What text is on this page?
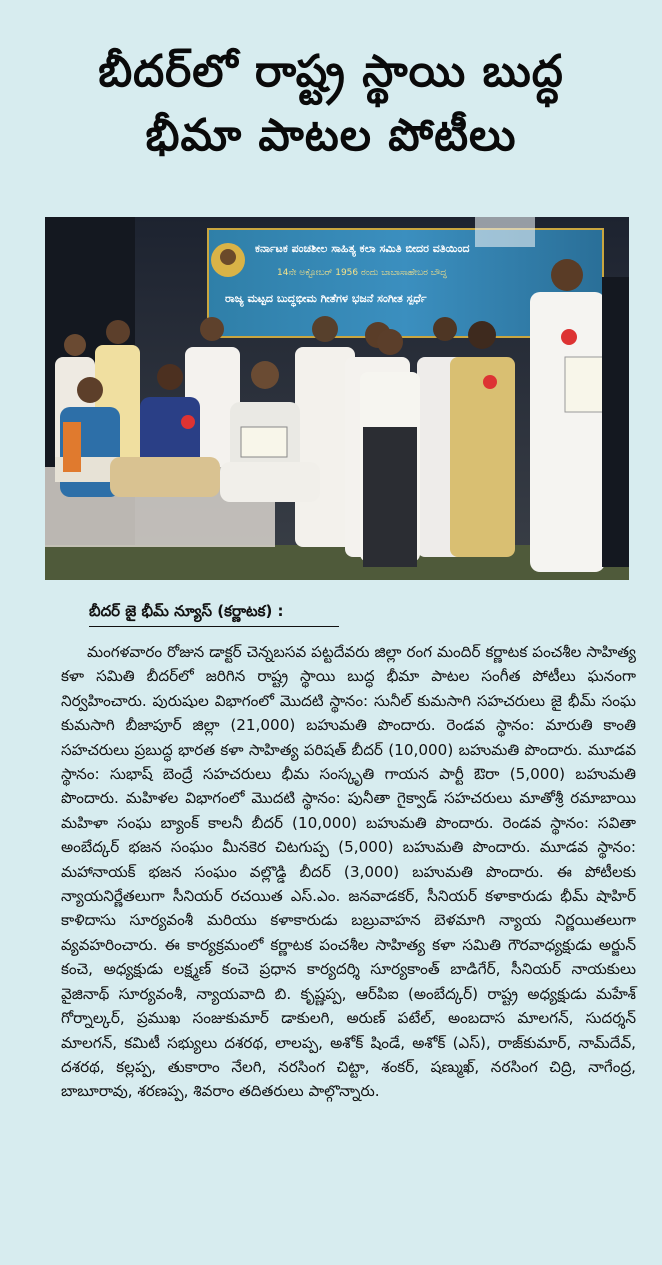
బీదర్‌లో రాష్ట్ర స్థాయి బుద్ధ
భీమా పాటల పోటీలు
ಕರ್ನಾಟಕ ಪಂಚಶೀಲ ಸಾಹಿತ್ಯ ಕಲಾ ಸಮಿತಿ ಬೀದರ ವತಿಯಿಂದ
14ನೇ ಅಕ್ಟೋಬರ್ 1956 ರಂದು ಬಾಬಾಸಾಹೇಬರ ಬೌದ್ಧ
ರಾಜ್ಯ ಮಟ್ಟದ ಬುದ್ಧಭೀಮ ಗೀತೆಗಳ ಭಜನೆ ಸಂಗೀತ ಸ್ಪರ್ಧೆ
బీదర్ జై భీమ్ న్యూస్ (కర్ణాటక) :

మంగళవారం రోజున డాక్టర్ చెన్నబసవ పట్టదేవరు జిల్లా రంగ మందిర్ కర్ణాటక పంచశీల సాహిత్య కళా సమితి బీదర్‌లో జరిగిన రాష్ట్ర స్థాయి బుద్ధ భీమా పాటల సంగీత పోటీలు ఘనంగా నిర్వహించారు. పురుషుల విభాగంలో మొదటి స్థానం: సునీల్ కుమసాగి సహచరులు జై భీమ్ సంఘ కుమసాగి బీజాపూర్ జిల్లా (21,000) బహుమతి పొందారు. రెండవ స్థానం: మారుతి కాంతి సహచరులు ప్రబుద్ధ భారత కళా సాహిత్య పరిషత్ బీదర్ (10,000) బహుమతి పొందారు. మూడవ స్థానం: సుభాష్ బెంద్రే సహచరులు భీమ సంస్కృతి గాయన పార్టీ ఔరా (5,000) బహుమతి పొందారు. మహిళల విభాగంలో మొదటి స్థానం: పునీతా గైక్వాడ్ సహచరులు మాతోశ్రీ రమాబాయి మహిళా సంఘ బ్యాంక్ కాలనీ బీదర్ (10,000) బహుమతి పొందారు. రెండవ స్థానం: సవితా అంబేద్కర్ భజన సంఘం మీనకెర చిటగుప్ప (5,000) బహుమతి పొందారు. మూడవ స్థానం: మహానాయక్ భజన సంఘం వల్లొడ్డి బీదర్ (3,000) బహుమతి పొందారు. ఈ పోటీలకు న్యాయనిర్ణేతలుగా సీనియర్ రచయిత ఎస్.ఎం. జనవాడకర్, సీనియర్ కళాకారుడు భీమ్ షాహిర్ కాళిదాసు సూర్యవంశీ మరియు కళాకారుడు బబ్రువాహన బెళమాగి న్యాయ నిర్ణయితలుగా వ్యవహరించారు. ఈ కార్యక్రమంలో కర్ణాటక పంచశీల సాహిత్య కళా సమితి గౌరవాధ్యక్షుడు అర్జున్ కంచె, అధ్యక్షుడు లక్ష్మణ్ కంచె ప్రధాన కార్యదర్శి సూర్యకాంత్ బాడిగేర్, సీనియర్ నాయకులు వైజినాథ్ సూర్యవంశీ, న్యాయవాది బి. కృష్ణప్ప, ఆర్‌పిఐ (అంబేద్కర్) రాష్ట్ర అధ్యక్షుడు మహేశ్ గోర్నాల్కర్, ప్రముఖ సంజుకుమార్ డాకులగి, అరుణ్ పటేల్, అంబదాస మాలగన్, సుదర్శన్ మాలగన్, కమిటీ సభ్యులు దశరథ, లాలప్ప, అశోక్ షిండే, అశోక్ (ఎస్), రాజ్‌కుమార్, నామ్‌దేవ్, దశరథ, కల్లప్ప, తుకారాం నేలగి, నరసింగ చిట్టా, శంకర్, షణ్ముఖ్, నరసింగ చిద్రి, నాగేంద్ర, బాబూరావు, శరణప్ప, శివరాం తదితరులు పాల్గొన్నారు.
